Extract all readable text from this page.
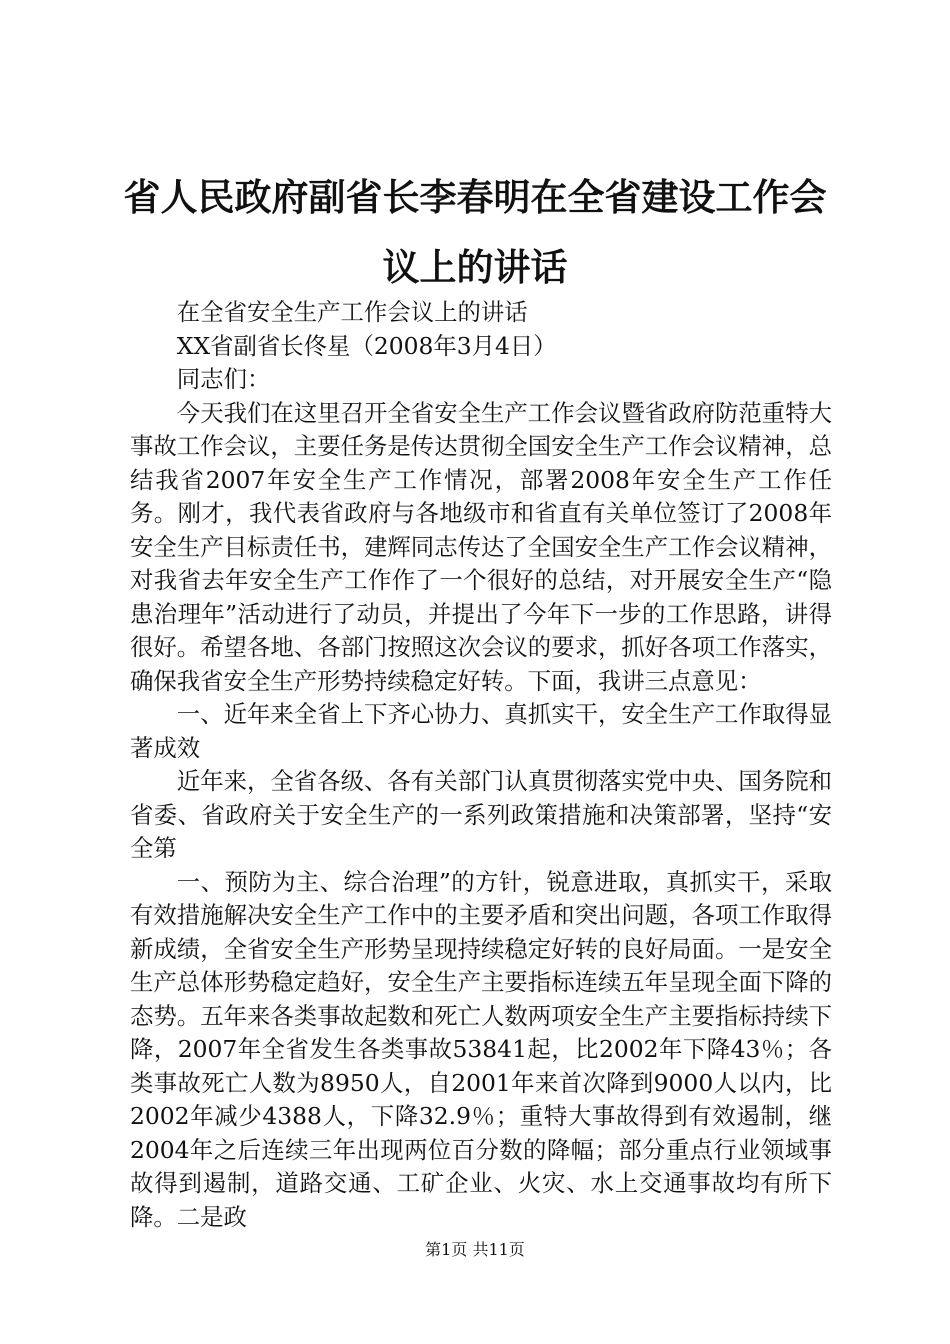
省人民政府副省长李春明在全省建设工作会议上的讲话

在全省安全生产工作会议上的讲话

XX省副省长佟星（2008年3月4日）

同志们：

今天我们在这里召开全省安全生产工作会议暨省政府防范重特大事故工作会议，主要任务是传达贯彻全国安全生产工作会议精神，总结我省2007年安全生产工作情况，部署2008年安全生产工作任务。刚才，我代表省政府与各地级市和省直有关单位签订了2008年安全生产目标责任书，建辉同志传达了全国安全生产工作会议精神，对我省去年安全生产工作作了一个很好的总结，对开展安全生产“隐患治理年”活动进行了动员，并提出了今年下一步的工作思路，讲得很好。希望各地、各部门按照这次会议的要求，抓好各项工作落实，确保我省安全生产形势持续稳定好转。下面，我讲三点意见：

一、近年来全省上下齐心协力、真抓实干，安全生产工作取得显著成效

近年来，全省各级、各有关部门认真贯彻落实党中央、国务院和省委、省政府关于安全生产的一系列政策措施和决策部署，坚持“安全第

一、预防为主、综合治理”的方针，锐意进取，真抓实干，采取有效措施解决安全生产工作中的主要矛盾和突出问题，各项工作取得新成绩，全省安全生产形势呈现持续稳定好转的良好局面。一是安全生产总体形势稳定趋好，安全生产主要指标连续五年呈现全面下降的态势。五年来各类事故起数和死亡人数两项安全生产主要指标持续下降，2007年全省发生各类事故53841起，比2002年下降43％；各类事故死亡人数为8950人，自2001年来首次降到9000人以内，比2002年减少4388人，下降32.9％；重特大事故得到有效遏制，继2004年之后连续三年出现两位百分数的降幅；部分重点行业领域事故得到遏制，道路交通、工矿企业、火灾、水上交通事故均有所下降。二是政

第1页 共11页
